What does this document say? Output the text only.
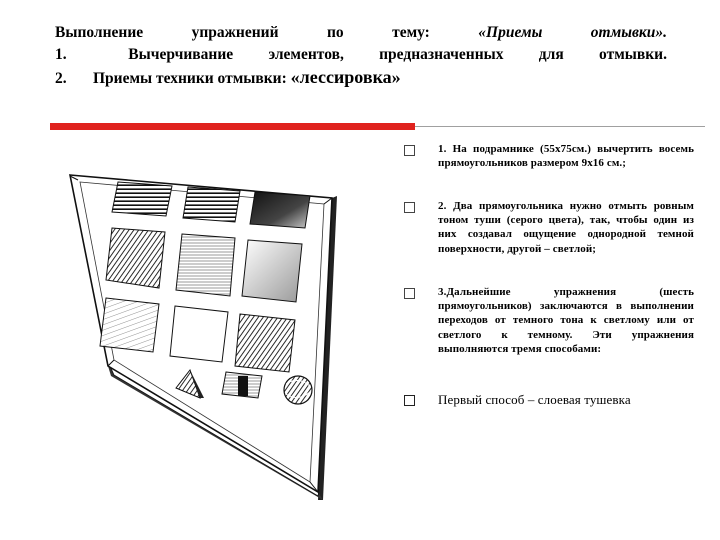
Выполнение	упражнений	по	тему:	«Приемы	отмывки».
1.	Вычерчивание элементов, предназначенных для отмывки.
2.	Приемы техники отмывки:
«лессировка»
1. На подрамнике (55х75см.) вычертить восемь прямоугольников размером 9х16 см.;
2. Два прямоугольника нужно отмыть ровным тоном туши (серого цвета), так, чтобы один из них создавал ощущение однородной темной поверхности, другой – светлой;
3.Дальнейшие упражнения (шесть прямоугольников) заключаются в выполнении переходов от темного тона к светлому или от светлого к темному. Эти упражнения выполняются тремя способами:
Первый способ – слоевая тушевка
